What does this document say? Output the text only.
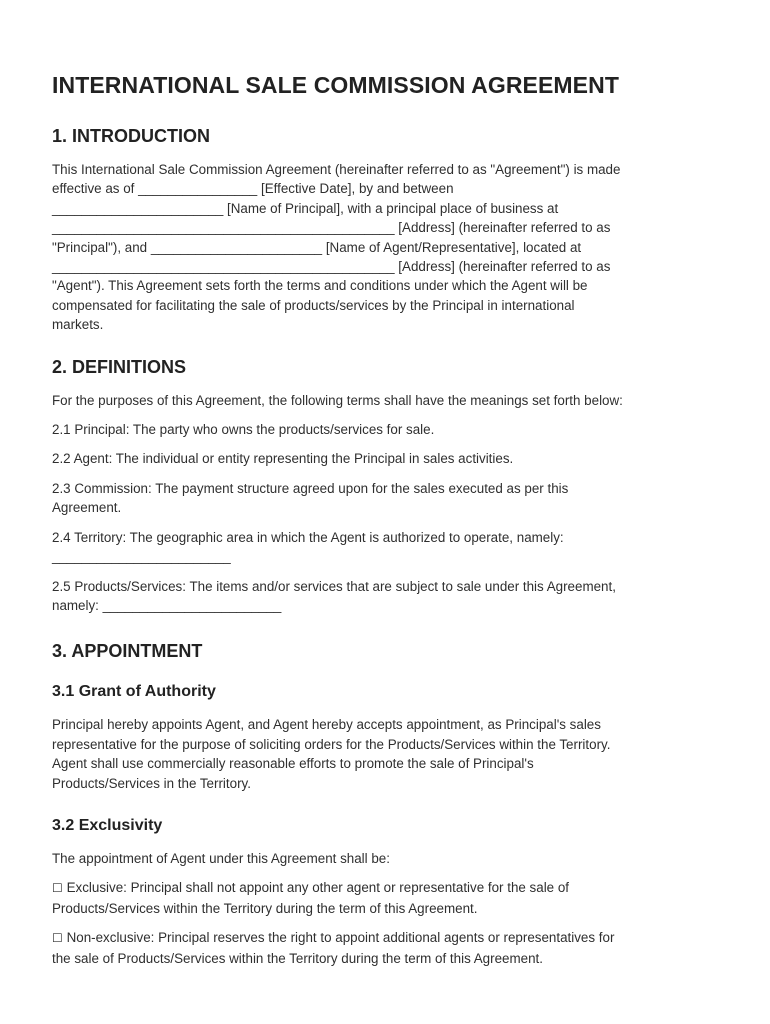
INTERNATIONAL SALE COMMISSION AGREEMENT
1. INTRODUCTION
This International Sale Commission Agreement (hereinafter referred to as "Agreement") is made
effective as of ________________ [Effective Date], by and between
_______________________ [Name of Principal], with a principal place of business at
______________________________________________ [Address] (hereinafter referred to as
"Principal"), and _______________________ [Name of Agent/Representative], located at
______________________________________________ [Address] (hereinafter referred to as
"Agent"). This Agreement sets forth the terms and conditions under which the Agent will be
compensated for facilitating the sale of products/services by the Principal in international
markets.
2. DEFINITIONS
For the purposes of this Agreement, the following terms shall have the meanings set forth below:
2.1 Principal: The party who owns the products/services for sale.
2.2 Agent: The individual or entity representing the Principal in sales activities.
2.3 Commission: The payment structure agreed upon for the sales executed as per this
Agreement.
2.4 Territory: The geographic area in which the Agent is authorized to operate, namely:
________________________
2.5 Products/Services: The items and/or services that are subject to sale under this Agreement,
namely: ________________________
3. APPOINTMENT
3.1 Grant of Authority
Principal hereby appoints Agent, and Agent hereby accepts appointment, as Principal's sales
representative for the purpose of soliciting orders for the Products/Services within the Territory.
Agent shall use commercially reasonable efforts to promote the sale of Principal's
Products/Services in the Territory.
3.2 Exclusivity
The appointment of Agent under this Agreement shall be:
☐ Exclusive: Principal shall not appoint any other agent or representative for the sale of
Products/Services within the Territory during the term of this Agreement.
☐ Non-exclusive: Principal reserves the right to appoint additional agents or representatives for
the sale of Products/Services within the Territory during the term of this Agreement.
